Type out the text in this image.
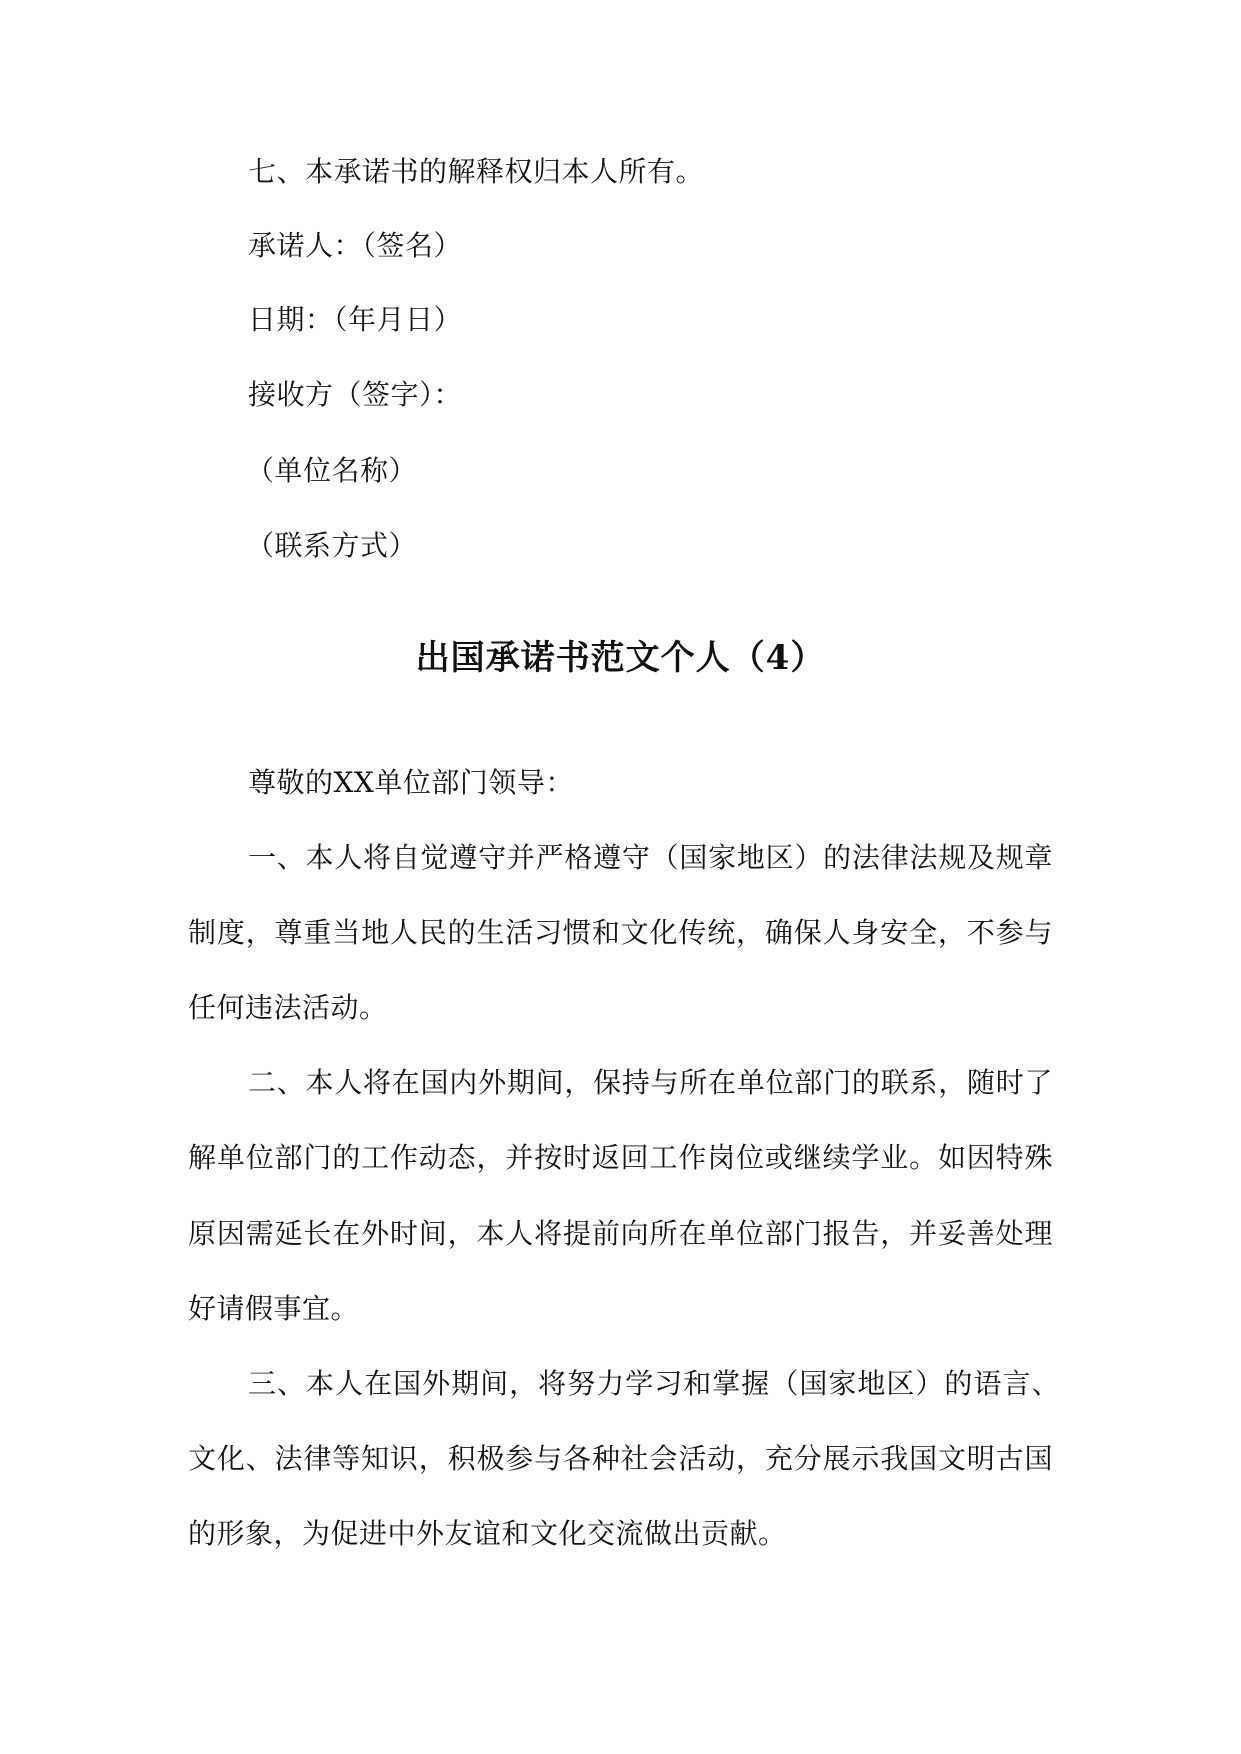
七、本承诺书的解释权归本人所有。
承诺人：（签名）
日期：（年月日）
接收方（签字）：
（单位名称）
（联系方式）
出国承诺书范文个人（4）
尊敬的XX单位部门领导：
一、本人将自觉遵守并严格遵守（国家地区）的法律法规及规章
制度，尊重当地人民的生活习惯和文化传统，确保人身安全，不参与
任何违法活动。
二、本人将在国内外期间，保持与所在单位部门的联系，随时了
解单位部门的工作动态，并按时返回工作岗位或继续学业。如因特殊
原因需延长在外时间，本人将提前向所在单位部门报告，并妥善处理
好请假事宜。
三、本人在国外期间，将努力学习和掌握（国家地区）的语言、
文化、法律等知识，积极参与各种社会活动，充分展示我国文明古国
的形象，为促进中外友谊和文化交流做出贡献。
